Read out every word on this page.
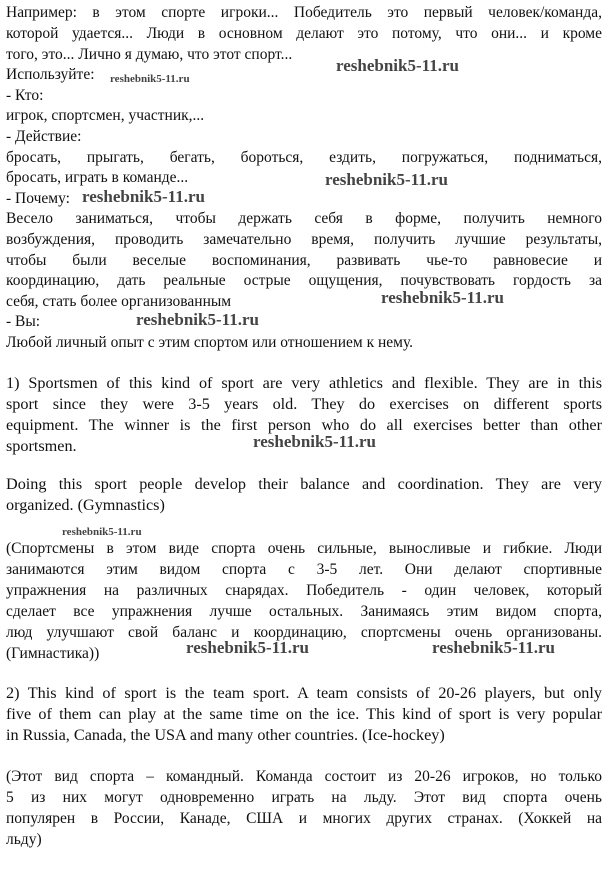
Например: в этом спорте игроки... Победитель это первый человек/команда,
которой удается... Люди в основном делают это потому, что они... и кроме
того, это... Лично я думаю, что этот спорт...
Используйте:
- Кто:
игрок, спортсмен, участник,...
- Действие:
бросать, прыгать, бегать, бороться, ездить, погружаться, подниматься,
бросать, играть в команде...
- Почему:
Весело заниматься, чтобы держать себя в форме, получить немного
возбуждения, проводить замечательно время, получить лучшие результаты,
чтобы были веселые воспоминания, развивать чье-то равновесие и
координацию, дать реальные острые ощущения, почувствовать гордость за
себя, стать более организованным
- Вы:
Любой личный опыт с этим спортом или отношением к нему.
1) Sportsmen of this kind of sport are very athletics and flexible. They are in this
sport since they were 3-5 years old. They do exercises on different sports
equipment. The winner is the first person who do all exercises better than other
sportsmen.
Doing this sport people develop their balance and coordination. They are very
organized. (Gymnastics)
(Спортсмены в этом виде спорта очень сильные, выносливые и гибкие. Люди
занимаются этим видом спорта с 3-5 лет. Они делают спортивные
упражнения на различных снарядах. Победитель - один человек, который
сделает все упражнения лучше остальных. Занимаясь этим видом спорта,
люд улучшают свой баланс и координацию, спортсмены очень организованы.
(Гимнастика))
2) This kind of sport is the team sport. A team consists of 20-26 players, but only
five of them can play at the same time on the ice. This kind of sport is very popular
in Russia, Canada, the USA and many other countries. (Ice-hockey)
(Этот вид спорта – командный. Команда состоит из 20-26 игроков, но только
5 из них могут одновременно играть на льду. Этот вид спорта очень
популярен в России, Канаде, США и многих других странах. (Хоккей на
льду)
reshebnik5-11.ru
reshebnik5-11.ru
reshebnik5-11.ru
reshebnik5-11.ru
reshebnik5-11.ru
reshebnik5-11.ru
reshebnik5-11.ru
reshebnik5-11.ru
reshebnik5-11.ru	reshebnik5-11.ru
